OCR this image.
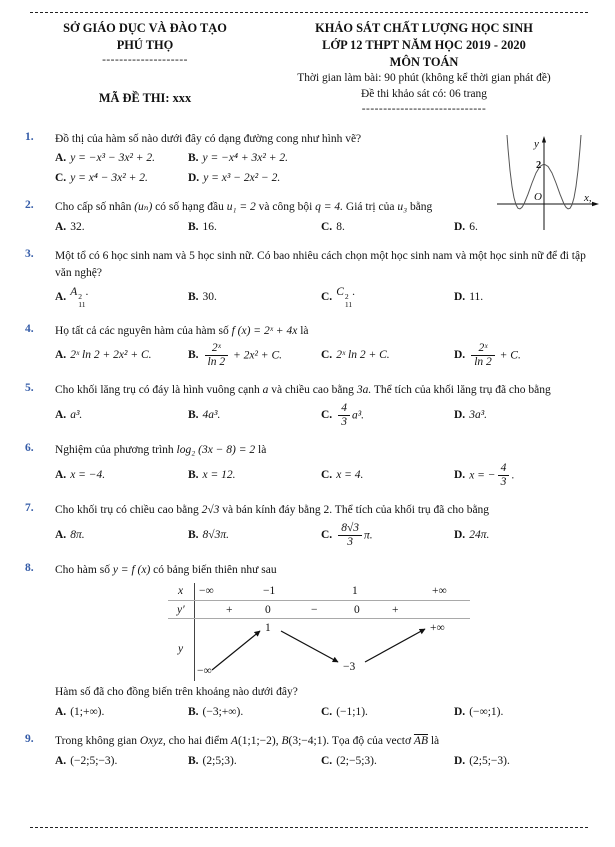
SỞ GIÁO DỤC VÀ ĐÀO TẠO
PHÚ THỌ
--------------------
MÃ ĐỀ THI: xxx
KHẢO SÁT CHẤT LƯỢNG HỌC SINH
LỚP 12 THPT NĂM HỌC 2019 - 2020
MÔN TOÁN
Thời gian làm bài: 90 phút (không kể thời gian phát đề)
Đề thi khảo sát có: 06 trang
-----------------------------
y
2
O	x,
1.	Đồ thị của hàm số nào dưới đây có dạng đường cong như hình vẽ?
A. y = −x³ − 3x² + 2.	B. y = −x⁴ + 3x² + 2.
C. y = x⁴ − 3x² + 2.	D. y = x³ − 2x² − 2.
2.	Cho cấp số nhân (uₙ) có số hạng đầu u₁ = 2 và công bội q = 4. Giá trị của u₃ bằng
A. 32.	B. 16.	C. 8.	D. 6.
3.	Một tổ có 6 học sinh nam và 5 học sinh nữ. Có bao nhiêu cách chọn một học sinh nam và một học sinh nữ để đi tập văn nghệ?
A. A 2
11
.	B. 30.	C. C 2
11
.	D. 11.
4.	Họ tất cả các nguyên hàm của hàm số f (x) = 2ˣ + 4x là
A. 2ˣ ln 2 + 2x² + C.	B. $\frac{\text{2ˣ}}{\ln 2} + 2x^2 + C$.	C. 2ˣ ln 2 + C.	D. $\frac{\text{2ˣ}}{\ln 2} + C$.
5.	Cho khối lăng trụ có đáy là hình vuông cạnh a và chiều cao bằng 3a. Thể tích của khối lăng trụ đã cho bằng
A. a³.	B. 4a³.	C. $\frac{4}{3} a^3$.	D. 3a³.
6.	Nghiệm của phương trình log₂ (3x − 8) = 2 là
A. x = −4.	B. x = 12.	C. x = 4.	D. x = − $\frac{4}{3}$ .
7.	Cho khối trụ có chiều cao bằng 2√3 và bán kính đáy bằng 2. Thể tích của khối trụ đã cho bằng
A. 8π.	B. 8√3π.	C. $\frac{8√3}{3} \pi$.	D. 24π.
8.	Cho hàm số y = f (x) có bảng biến thiên như sau
x −∞	−1	1	+∞
y′	+	0	−	0	+
y
−∞
1
−3
+∞
Hàm số đã cho đồng biến trên khoảng nào dưới đây?
A. (1;+∞).	B. (−3;+∞).	C. (−1;1).	D. (−∞;1).
9.	Trong không gian Oxyz, cho hai điểm A(1;1;−2), B(3;−4;1). Tọa độ của vectơ $\overline{AB}$ là
A. (−2;5;−3).	B. (2;5;3).	C. (2;−5;3).	D. (2;5;−3).
